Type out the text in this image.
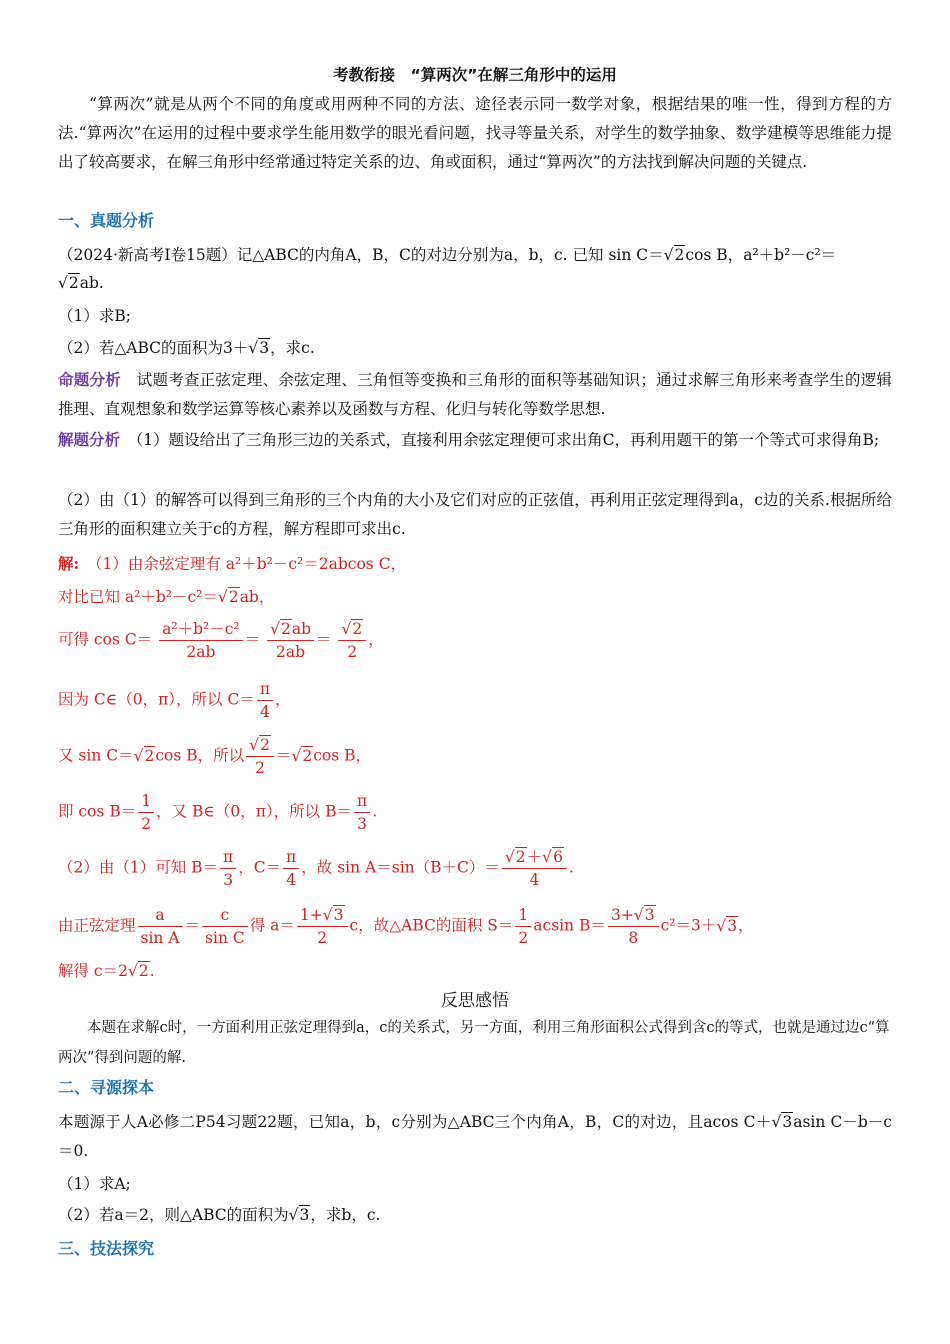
考教衔接　“算两次”在解三角形中的运用
“算两次”就是从两个不同的角度或用两种不同的方法、途径表示同一数学对象，根据结果的唯一性，得到方程的方法.“算两次”在运用的过程中要求学生能用数学的眼光看问题，找寻等量关系，对学生的数学抽象、数学建模等思维能力提出了较高要求，在解三角形中经常通过特定关系的边、角或面积，通过“算两次”的方法找到解决问题的关键点.
一、真题分析
（2024·新高考Ⅰ卷15题）记△ABC的内角A，B，C的对边分别为a，b，c. 已知 sin C＝√2cos B，a²＋b²－c²＝
√2ab.
（1）求B;
（2）若△ABC的面积为3＋√3，求c.
命题分析　 试题考查正弦定理、余弦定理、三角恒等变换和三角形的面积等基础知识；通过求解三角形来考查学生的逻辑推理、直观想象和数学运算等核心素养以及函数与方程、化归与转化等数学思想.
解题分析　 （1）题设给出了三角形三边的关系式，直接利用余弦定理便可求出角C，再利用题干的第一个等式可求得角B;
（2）由（1）的解答可以得到三角形的三个内角的大小及它们对应的正弦值，再利用正弦定理得到a，c边的关系.根据所给三角形的面积建立关于c的方程，解方程即可求出c.
解:　 （1）由余弦定理有 a²＋b²－c²＝2abcos C，
对比已知 a²＋b²－c²＝√2ab，
可得 $\cos C= \frac{\text{a²＋b²－c²}}{2ab} = \frac{√2ab}{2ab} = \frac{√2}{2}$ ，
因为 C∈（0，π），所以 $C= \frac{\pi}{4}$ ，
又 sin C＝√2cos B，所以 $\frac{√2}{2} =√2\cos$ B，
即 $\cos B= \frac{1}{2}$ ，又 B∈（0，π），所以 $B= \frac{\pi}{3}$ .
（2）由（1）可知 $B= \frac{\pi}{3}$ ，$C= \frac{\pi}{4}$ ，故 $\sin A=\sin(B+C)= \frac{√2+√6}{4}$ .
由正弦定理 $\frac{a}{\text{sin A}} = \frac{c}{\text{sin C}}$ 得 $a= \frac{1+√3}{2}$ c，故△ABC的面积 $S= \frac{1}{2}$ acsin $B= \frac{3+√3}{8} c^2=3+√3$，
解得 c＝2√2.
反思感悟
本题在求解c时，一方面利用正弦定理得到a，c的关系式，另一方面，利用三角形面积公式得到含c的等式，也就是通过边c“算两次”得到问题的解.
二、寻源探本
本题源于人A必修二P54习题22题，已知a，b，c分别为△ABC三个内角A，B，C的对边，且acos C＋√3asin C－b－c＝0.
（1）求A;
（2）若a＝2，则△ABC的面积为√3，求b，c.
三、技法探究
